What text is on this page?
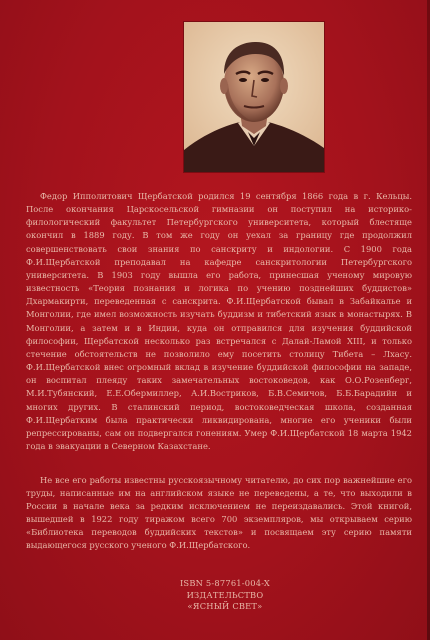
Федор Ипполитович Щербатской родился 19 сентября 1866 года в г. Кельцы. После окончания Царскосельской гимназии он поступил на историко-филологический факультет Петербургского университета, который блестяще окончил в 1889 году. В том же году он уехал за границу где продолжил совершенствовать свои знания по санскриту и индологии. С 1900 года Ф.И.Щербатской преподавал на кафедре санскритологии Петербургского университета. В 1903 году вышла его работа, принесшая ученому мировую известность «Теория познания и логика по учению позднейших буддистов» Дхармакирти, переведенная с санскрита. Ф.И.Щербатской бывал в Забайкалье и Монголии, где имел возможность изучать буддизм и тибетский язык в монастырях. В Монголии, а затем и в Индии, куда он отправился для изучения буддийской философии, Щербатской несколько раз встречался с Далай-Ламой XIII, и только стечение обстоятельств не позволило ему посетить столицу Тибета – Лхасу. Ф.И.Щербатской внес огромный вклад в изучение буддийской философии на западе, он воспитал плеяду таких замечательных востоковедов, как О.О.Розенберг, М.И.Тубянский, Е.Е.Обермиллер, А.И.Востриков, Б.В.Семичов, Б.Б.Барадийн и многих других. В сталинский период, востоковедческая школа, созданная Ф.И.Щербатким была практически ликвидирована, многие его ученики были репрессированы, сам он подвергался гонениям. Умер Ф.И.Щербатской 18 марта 1942 года в эвакуации в Северном Казахстане.

Не все его работы известны русскоязычному читателю, до сих пор важнейшие его труды, написанные им на английском языке не переведены, а те, что выходили в России в начале века за редким исключением не переиздавались. Этой книгой, вышедшей в 1922 году тиражом всего 700 экземпляров, мы открываем серию «Библиотека переводов буддийских текстов» и посвящаем эту серию памяти выдающегося русского ученого Ф.И.Щербатского.

ISBN 5-87761-004-X
ИЗДАТЕЛЬСТВО
«ЯСНЫЙ СВЕТ»
